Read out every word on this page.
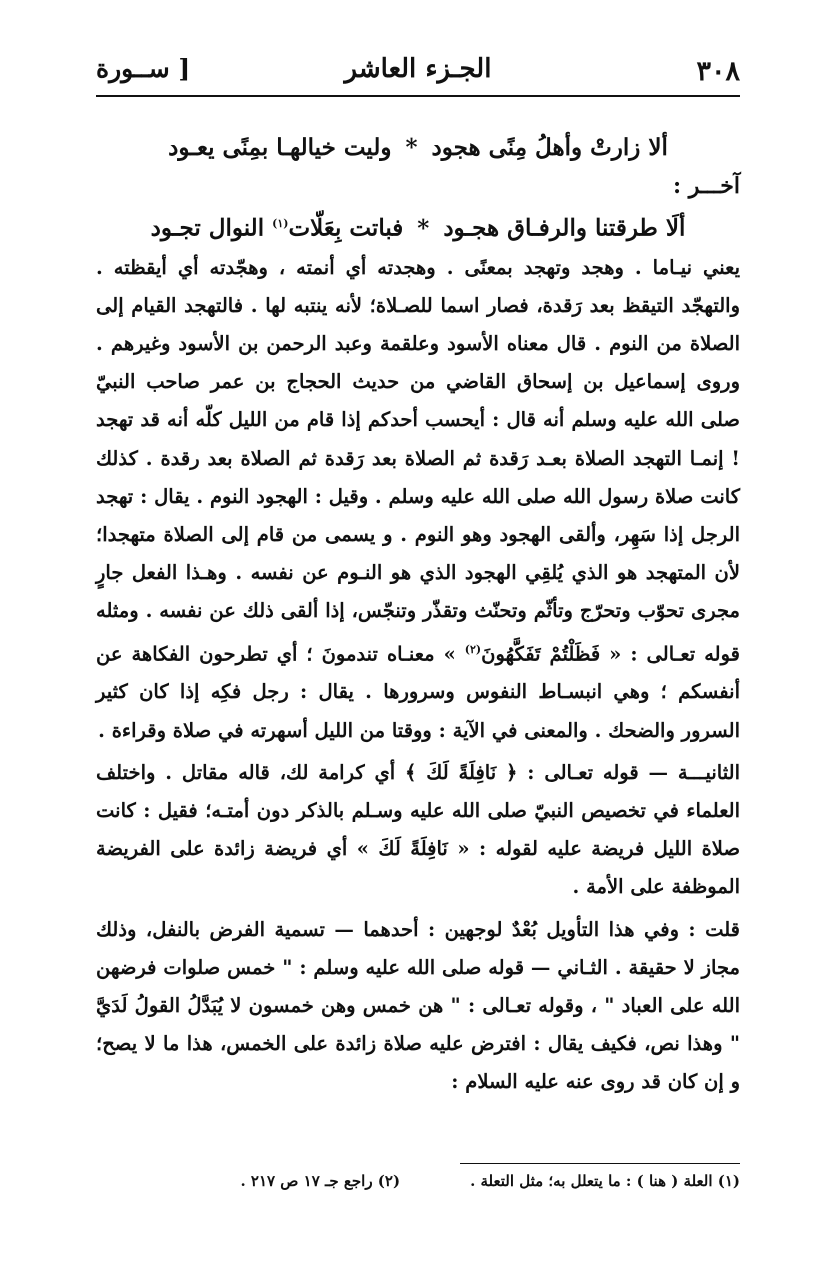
٣٠٨
الجـزء العاشر
[ ســورة
ألا زارتْ وأهلُ مِنًى هجود*وليت خيالهـا بمِنًى يعـود
آخـــر :
ألَا طرقتنا والرفـاق هجـود*فباتت بِعَلّات$^{(١)}$ النوال تجـود

يعني نيـاما . وهجد وتهجد بمعنًى . وهجدته أي أنمته ، وهجّدته أي أيقظته . والتهجّد التيقظ بعد رَقدة، فصار اسما للصـلاة؛ لأنه ينتبه لها . فالتهجد القيام إلى الصلاة من النوم . قال معناه الأسود وعلقمة وعبد الرحمن بن الأسود وغيرهم . وروى إسماعيل بن إسحاق القاضي من حديث الحجاج بن عمر صاحب النبيّ صلى الله عليه وسلم أنه قال : أيحسب أحدكم إذا قام من الليل كلّه أنه قد تهجد ! إنمـا التهجد الصلاة بعـد رَقدة ثم الصلاة بعد رَقدة ثم الصلاة بعد رقدة . كذلك كانت صلاة رسول الله صلى الله عليه وسلم . وقيل : الهجود النوم . يقال : تهجد الرجل إذا سَهِر، وألقى الهجود وهو النوم . و يسمى من قام إلى الصلاة متهجدا؛ لأن المتهجد هو الذي يُلقِي الهجود الذي هو النـوم عن نفسه . وهـذا الفعل جارٍ مجرى تحوّب وتحرّج وتأثّم وتحنّث وتقذّر وتنجّس، إذا ألقى ذلك عن نفسه . ومثله قوله تعـالى : « فَظَلْتُمْ تَفَكَّهُونَ$^{(٢)}$ » معنـاه تندمونَ ؛ أي تطرحون الفكاهة عن أنفسكم ؛ وهي انبسـاط النفوس وسرورها . يقال : رجل فكِه إذا كان كثير السرور والضحك . والمعنى في الآية : ووقتا من الليل أسهرته في صلاة وقراءة .

الثانيـــة — قوله تعـالى : ﴿ نَافِلَةً لَكَ ﴾ أي كرامة لك، قاله مقاتل . واختلف العلماء في تخصيص النبيّ صلى الله عليه وسـلم بالذكر دون أمتـه؛ فقيل : كانت صلاة الليل فريضة عليه لقوله : « نَافِلَةً لَكَ » أي فريضة زائدة على الفريضة الموظفة على الأمة .

قلت : وفي هذا التأويل بُعْدٌ لوجهين : أحدهما — تسمية الفرض بالنفل، وذلك مجاز لا حقيقة . الثـاني — قوله صلى الله عليه وسلم : " خمس صلوات فرضهن الله على العباد " ، وقوله تعـالى : " هن خمس وهن خمسون لا يُبَدَّلُ القولُ لَدَيَّ " وهذا نص، فكيف يقال : افترض عليه صلاة زائدة على الخمس، هذا ما لا يصح؛ و إن كان قد روى عنه عليه السلام :

(١) العلة ( هنا ) : ما يتعلل به؛ مثل التعلة .
(٢) راجع جـ ١٧ ص ٢١٧ .
